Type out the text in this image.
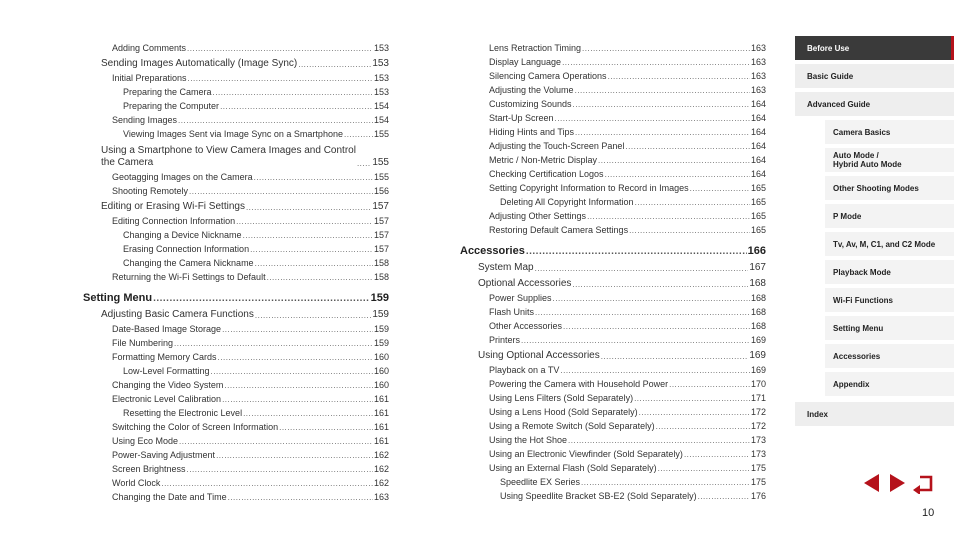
Adding Comments .....	153
Sending Images Automatically (Image Sync) .....	153
Initial Preparations .....	153
Preparing the Camera .....	153
Preparing the Computer .....	154
Sending Images .....	154
Viewing Images Sent via Image Sync on a Smartphone .....	155
Using a Smartphone to View Camera Images and Control
the Camera .....	155
Geotagging Images on the Camera .....	155
Shooting Remotely .....	156
Editing or Erasing Wi-Fi Settings .....	157
Editing Connection Information .....	157
Changing a Device Nickname .....	157
Erasing Connection Information .....	157
Changing the Camera Nickname .....	158
Returning the Wi-Fi Settings to Default .....	158
Setting Menu .....	159
Adjusting Basic Camera Functions .....	159
Date-Based Image Storage .....	159
File Numbering .....	159
Formatting Memory Cards .....	160
Low-Level Formatting .....	160
Changing the Video System .....	160
Electronic Level Calibration .....	161
Resetting the Electronic Level .....	161
Switching the Color of Screen Information .....	161
Using Eco Mode .....	161
Power-Saving Adjustment .....	162
Screen Brightness .....	162
World Clock .....	162
Changing the Date and Time .....	163
Lens Retraction Timing .....	163
Display Language .....	163
Silencing Camera Operations .....	163
Adjusting the Volume .....	163
Customizing Sounds .....	164
Start-Up Screen .....	164
Hiding Hints and Tips .....	164
Adjusting the Touch-Screen Panel .....	164
Metric / Non-Metric Display .....	164
Checking Certification Logos .....	164
Setting Copyright Information to Record in Images .....	165
Deleting All Copyright Information .....	165
Adjusting Other Settings .....	165
Restoring Default Camera Settings .....	165
Accessories .....	166
System Map .....	167
Optional Accessories .....	168
Power Supplies .....	168
Flash Units .....	168
Other Accessories .....	168
Printers .....	169
Using Optional Accessories .....	169
Playback on a TV .....	169
Powering the Camera with Household Power .....	170
Using Lens Filters (Sold Separately) .....	171
Using a Lens Hood (Sold Separately) .....	172
Using a Remote Switch (Sold Separately) .....	172
Using the Hot Shoe .....	173
Using an Electronic Viewfinder (Sold Separately) .....	173
Using an External Flash (Sold Separately) .....	175
Speedlite EX Series .....	175
Using Speedlite Bracket SB-E2 (Sold Separately) .....	176
Before Use
Basic Guide
Advanced Guide
Camera Basics
Auto Mode /
Hybrid Auto Mode
Other Shooting Modes
P Mode
Tv, Av, M, C1, and C2 Mode
Playback Mode
Wi-Fi Functions
Setting Menu
Accessories
Appendix
Index
10
